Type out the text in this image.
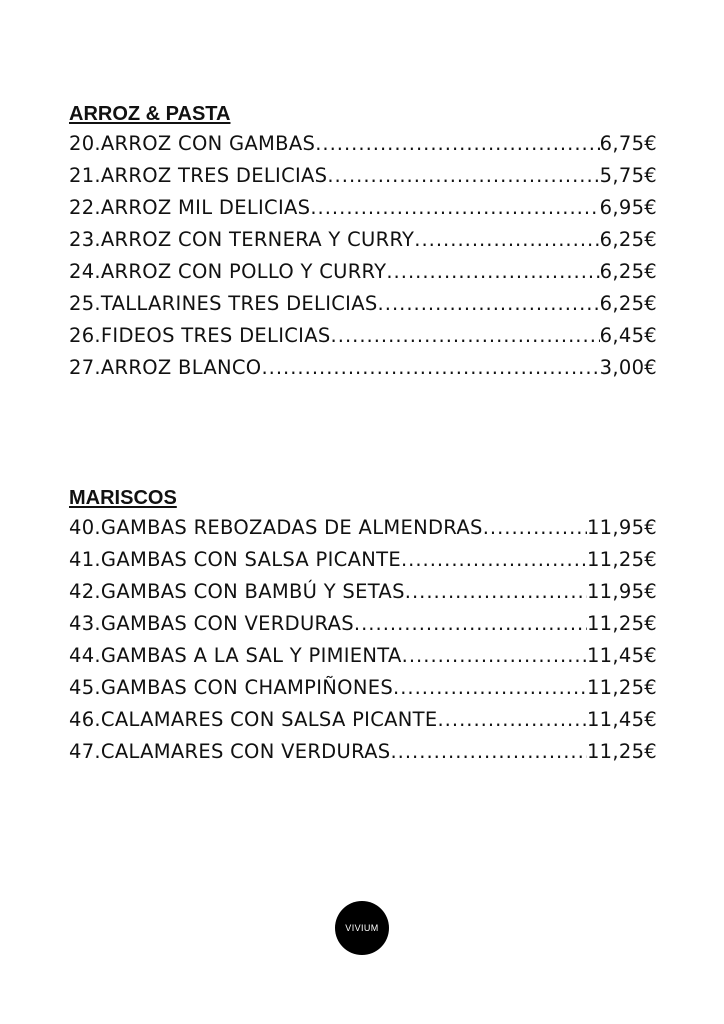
ARROZ & PASTA
20.ARROZ CON GAMBAS .....	6,75€
21.ARROZ TRES DELICIAS .....	5,75€
22.ARROZ MIL DELICIAS .....	6,95€
23.ARROZ CON TERNERA Y CURRY .....	6,25€
24.ARROZ CON POLLO Y CURRY .....	6,25€
25.TALLARINES TRES DELICIAS .....	6,25€
26.FIDEOS TRES DELICIAS .....	6,45€
27.ARROZ BLANCO .....	3,00€
MARISCOS
40.GAMBAS REBOZADAS DE ALMENDRAS .....	11,95€
41.GAMBAS CON SALSA PICANTE .....	11,25€
42.GAMBAS CON BAMBÚ Y SETAS .....	11,95€
43.GAMBAS CON VERDURAS .....	11,25€
44.GAMBAS A LA SAL Y PIMIENTA .....	11,45€
45.GAMBAS CON CHAMPIÑONES .....	11,25€
46.CALAMARES CON SALSA PICANTE .....	11,45€
47.CALAMARES CON VERDURAS .....	11,25€
VIVIUM
